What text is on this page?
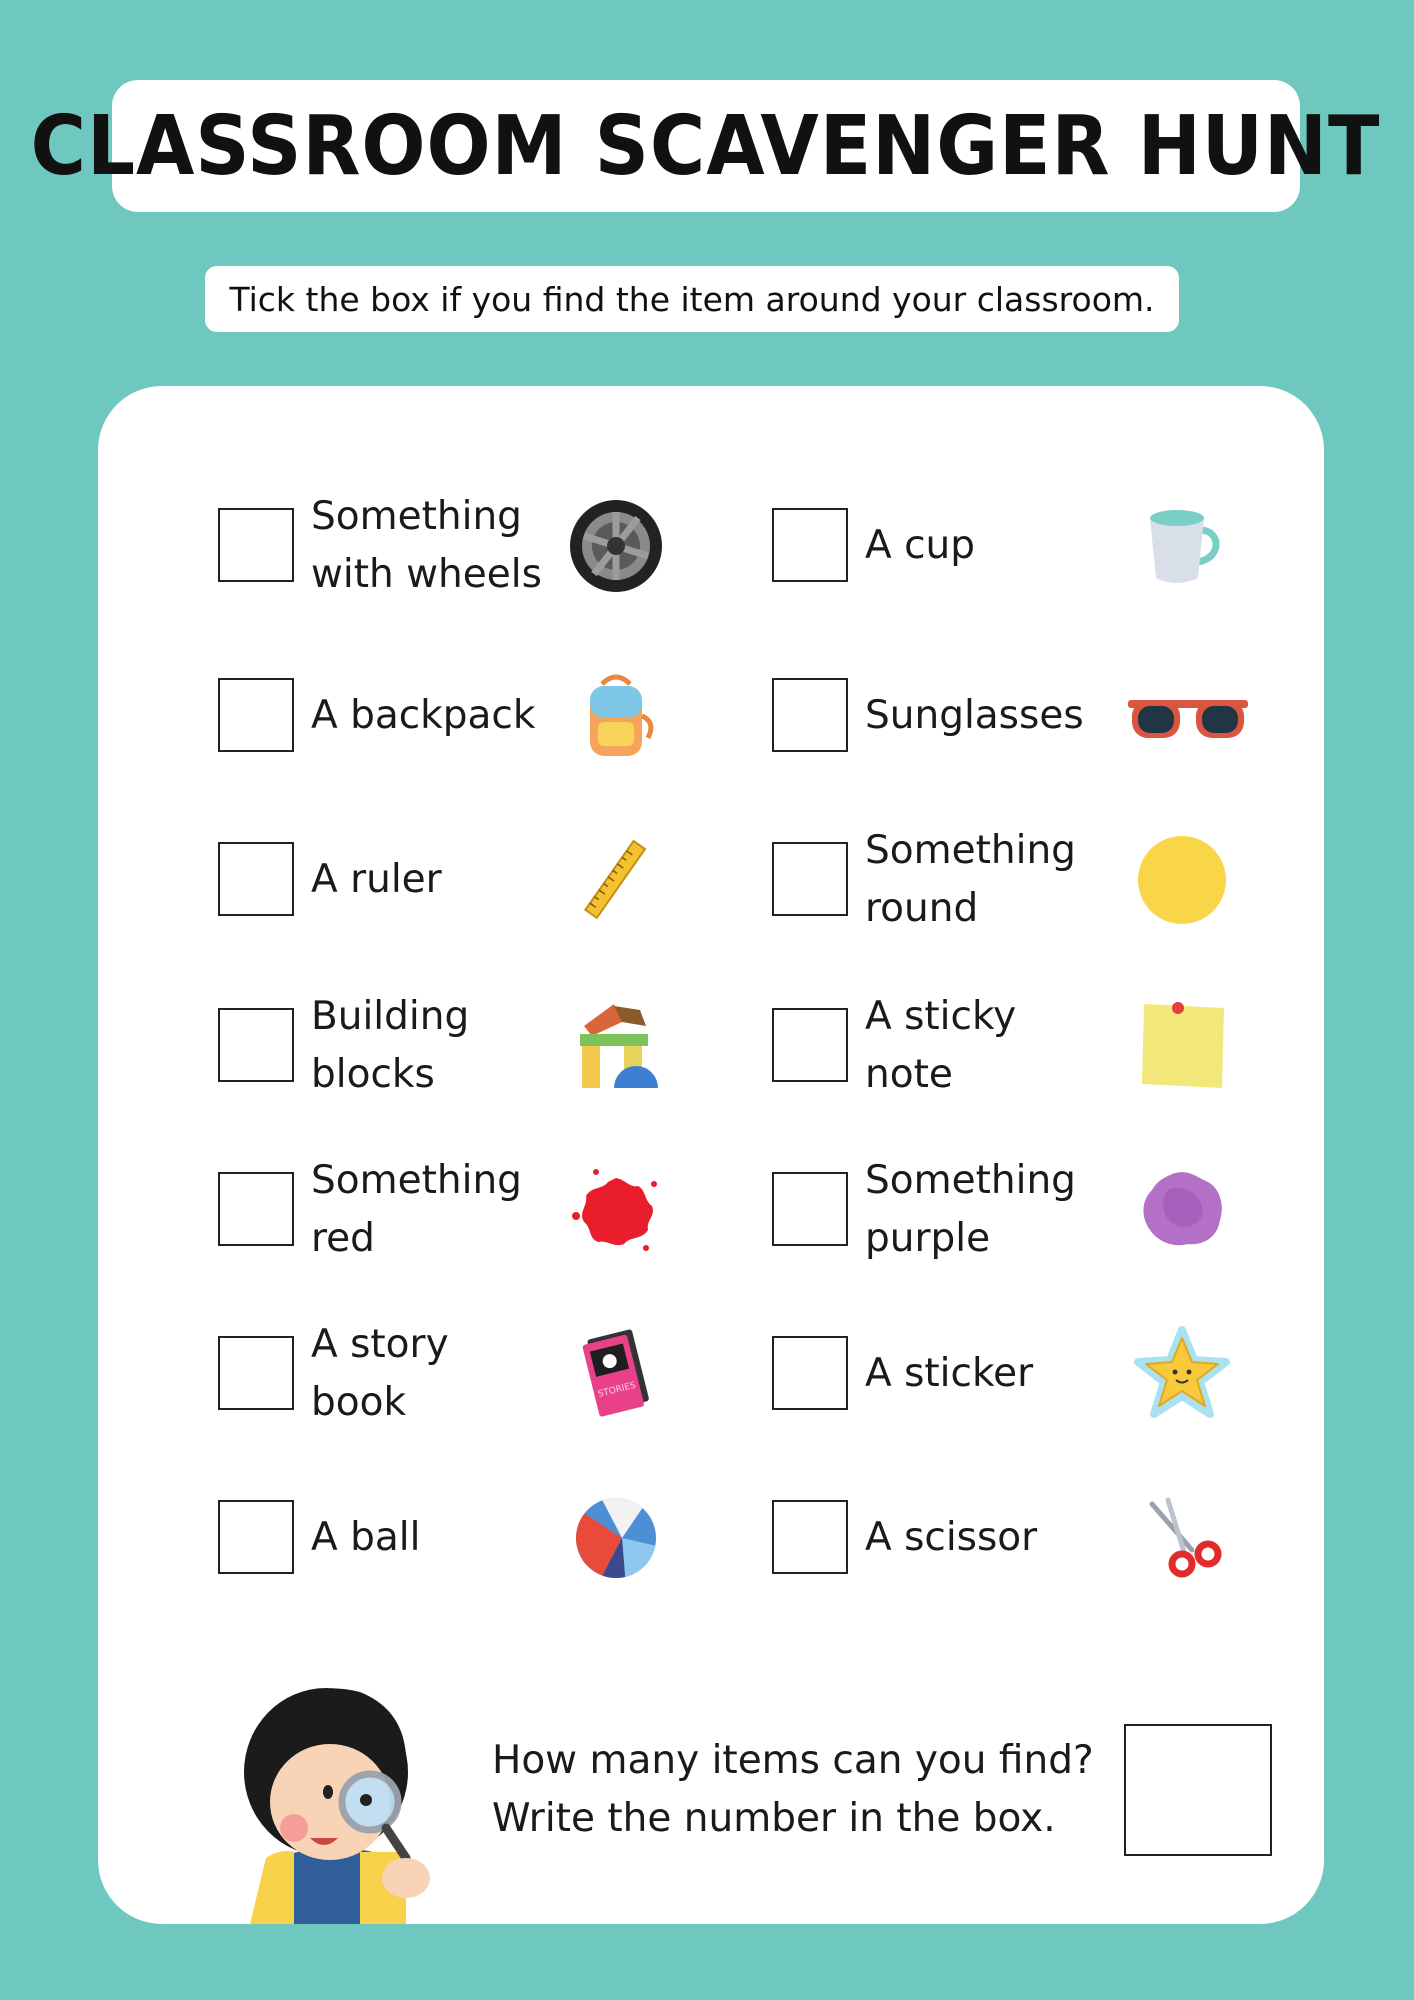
CLASSROOM SCAVENGER HUNT
Tick the box if you find the item around your classroom.
Something with wheels
A backpack
A ruler
Building blocks
Something red
A story book	STORIES
A ball
A cup
Sunglasses
Something round
A sticky note
Something purple
A sticker
A scissor
How many items can you find?
Write the number in the box.
